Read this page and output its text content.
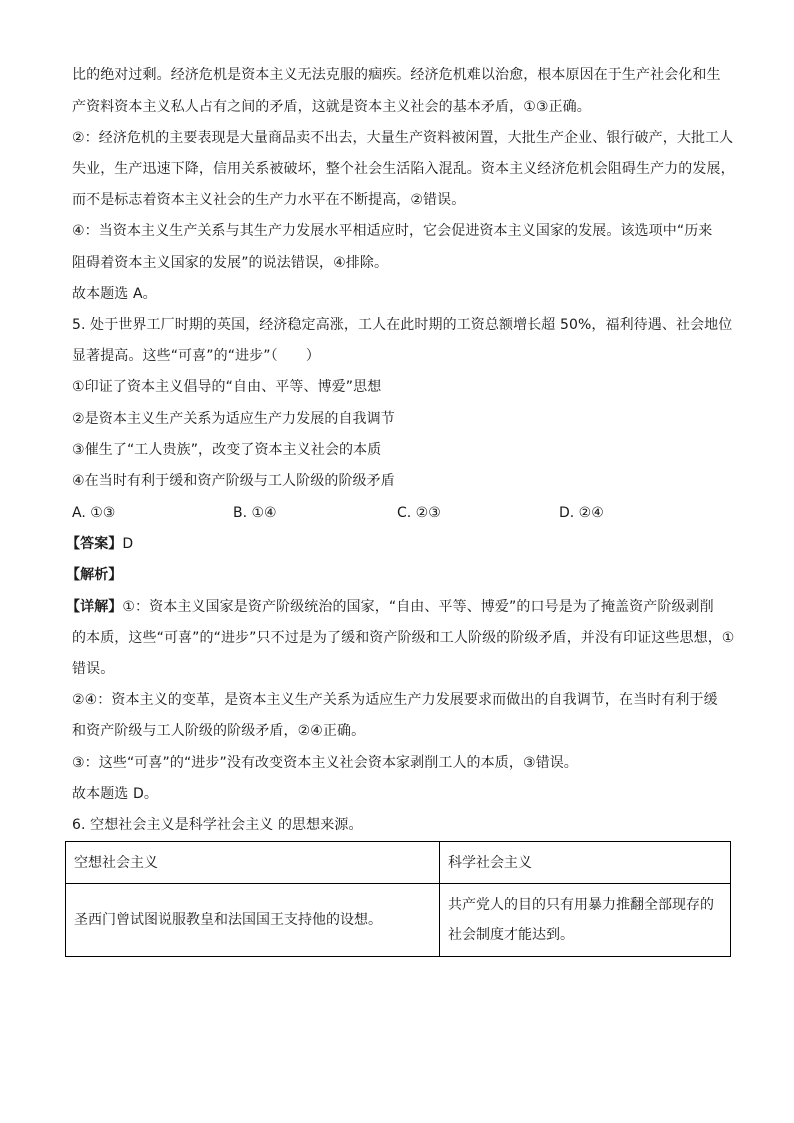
比的绝对过剩。经济危机是资本主义无法克服的痼疾。经济危机难以治愈，根本原因在于生产社会化和生
产资料资本主义私人占有之间的矛盾，这就是资本主义社会的基本矛盾，①③正确。
②：经济危机的主要表现是大量商品卖不出去，大量生产资料被闲置，大批生产企业、银行破产，大批工人
失业，生产迅速下降，信用关系被破坏，整个社会生活陷入混乱。资本主义经济危机会阻碍生产力的发展，
而不是标志着资本主义社会的生产力水平在不断提高，②错误。
④：当资本主义生产关系与其生产力发展水平相适应时，它会促进资本主义国家的发展。该选项中“历来
阻碍着资本主义国家的发展”的说法错误，④排除。
故本题选 A。
5. 处于世界工厂时期的英国，经济稳定高涨，工人在此时期的工资总额增长超 50%，福利待遇、社会地位
显著提高。这些“可喜”的“进步”（　　）
①印证了资本主义倡导的“自由、平等、博爱”思想
②是资本主义生产关系为适应生产力发展的自我调节
③催生了“工人贵族”，改变了资本主义社会的本质
④在当时有利于缓和资产阶级与工人阶级的阶级矛盾
A. ①③	B. ①④	C. ②③	D. ②④
【答案】D
【解析】
【详解】①：资本主义国家是资产阶级统治的国家，“自由、平等、博爱”的口号是为了掩盖资产阶级剥削
的本质，这些“可喜”的“进步”只不过是为了缓和资产阶级和工人阶级的阶级矛盾，并没有印证这些思想，①
错误。
②④：资本主义的变革，是资本主义生产关系为适应生产力发展要求而做出的自我调节，在当时有利于缓
和资产阶级与工人阶级的阶级矛盾，②④正确。
③：这些“可喜”的“进步”没有改变资本主义社会资本家剥削工人的本质，③错误。
故本题选 D。
6. 空想社会主义是科学社会主义 的思想来源。
空想社会主义	科学社会主义
圣西门曾试图说服教皇和法国国王支持他的设想。	共产党人的目的只有用暴力推翻全部现存的社会制度才能达到。
